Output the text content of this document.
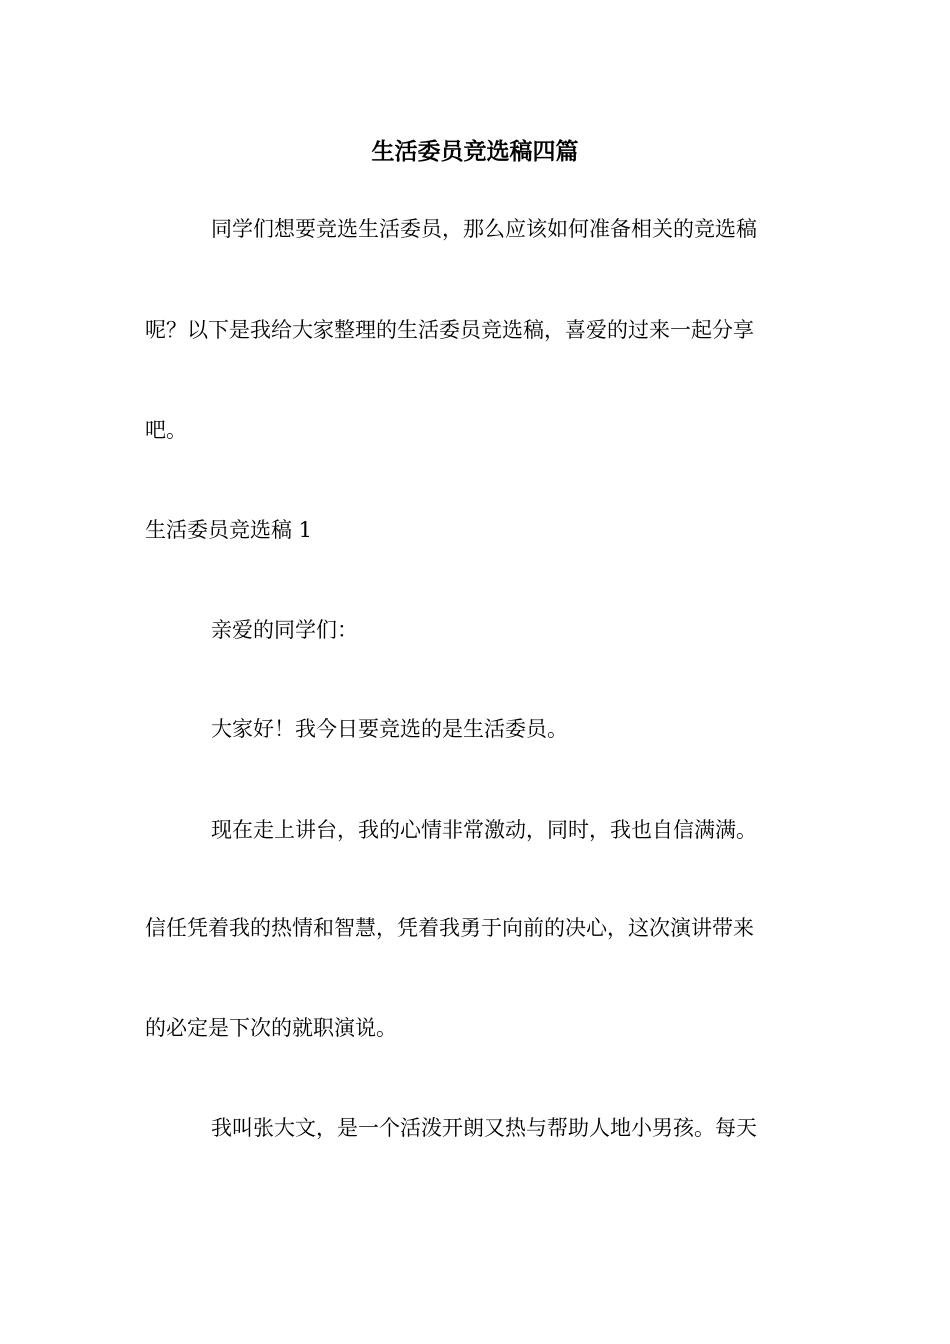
生活委员竞选稿四篇
同学们想要竞选生活委员，那么应该如何准备相关的竞选稿
呢？以下是我给大家整理的生活委员竞选稿，喜爱的过来一起分享
吧。
生活委员竞选稿 1
亲爱的同学们：
大家好！我今日要竞选的是生活委员。
现在走上讲台，我的心情非常激动，同时，我也自信满满。
信任凭着我的热情和智慧，凭着我勇于向前的决心，这次演讲带来
的必定是下次的就职演说。
我叫张大文，是一个活泼开朗又热与帮助人地小男孩。每天
